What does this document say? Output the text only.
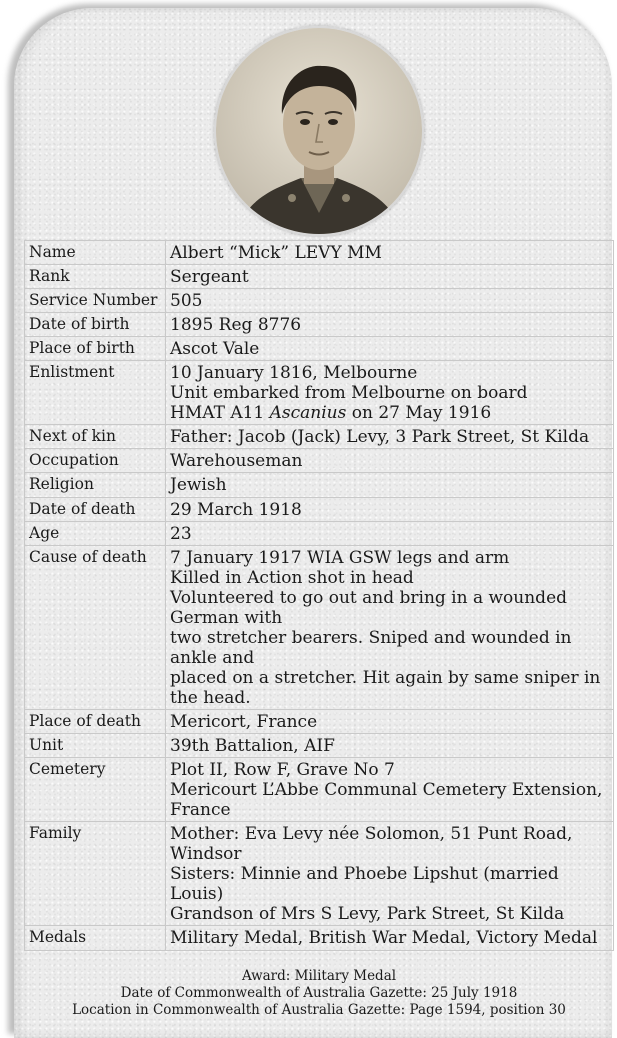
Name	Albert “Mick” LEVY MM
Rank	Sergeant
Service Number	505
Date of birth	1895 Reg 8776
Place of birth	Ascot Vale
Enlistment	10 January 1816, Melbourne
Unit embarked from Melbourne on board
HMAT A11 Ascanius on 27 May 1916

Next of kin	Father: Jacob (Jack) Levy, 3 Park Street, St Kilda
Occupation	Warehouseman
Religion	Jewish
Date of death	29 March 1918
Age	23
Cause of death	7 January 1917 WIA GSW legs and arm
Killed in Action shot in head
Volunteered to go out and bring in a wounded German with
two stretcher bearers. Sniped and wounded in ankle and
placed on a stretcher. Hit again by same sniper in the head.

Place of death	Mericort, France
Unit	39th Battalion, AIF
Cemetery	Plot II, Row F, Grave No 7
Mericourt L’Abbe Communal Cemetery Extension, France

Family	Mother: Eva Levy née Solomon, 51 Punt Road, Windsor
Sisters: Minnie and Phoebe Lipshut (married Louis)
Grandson of Mrs S Levy, Park Street, St Kilda

Medals	Military Medal, British War Medal, Victory Medal
Award: Military Medal
Date of Commonwealth of Australia Gazette: 25 July 1918
Location in Commonwealth of Australia Gazette: Page 1594, position 30
